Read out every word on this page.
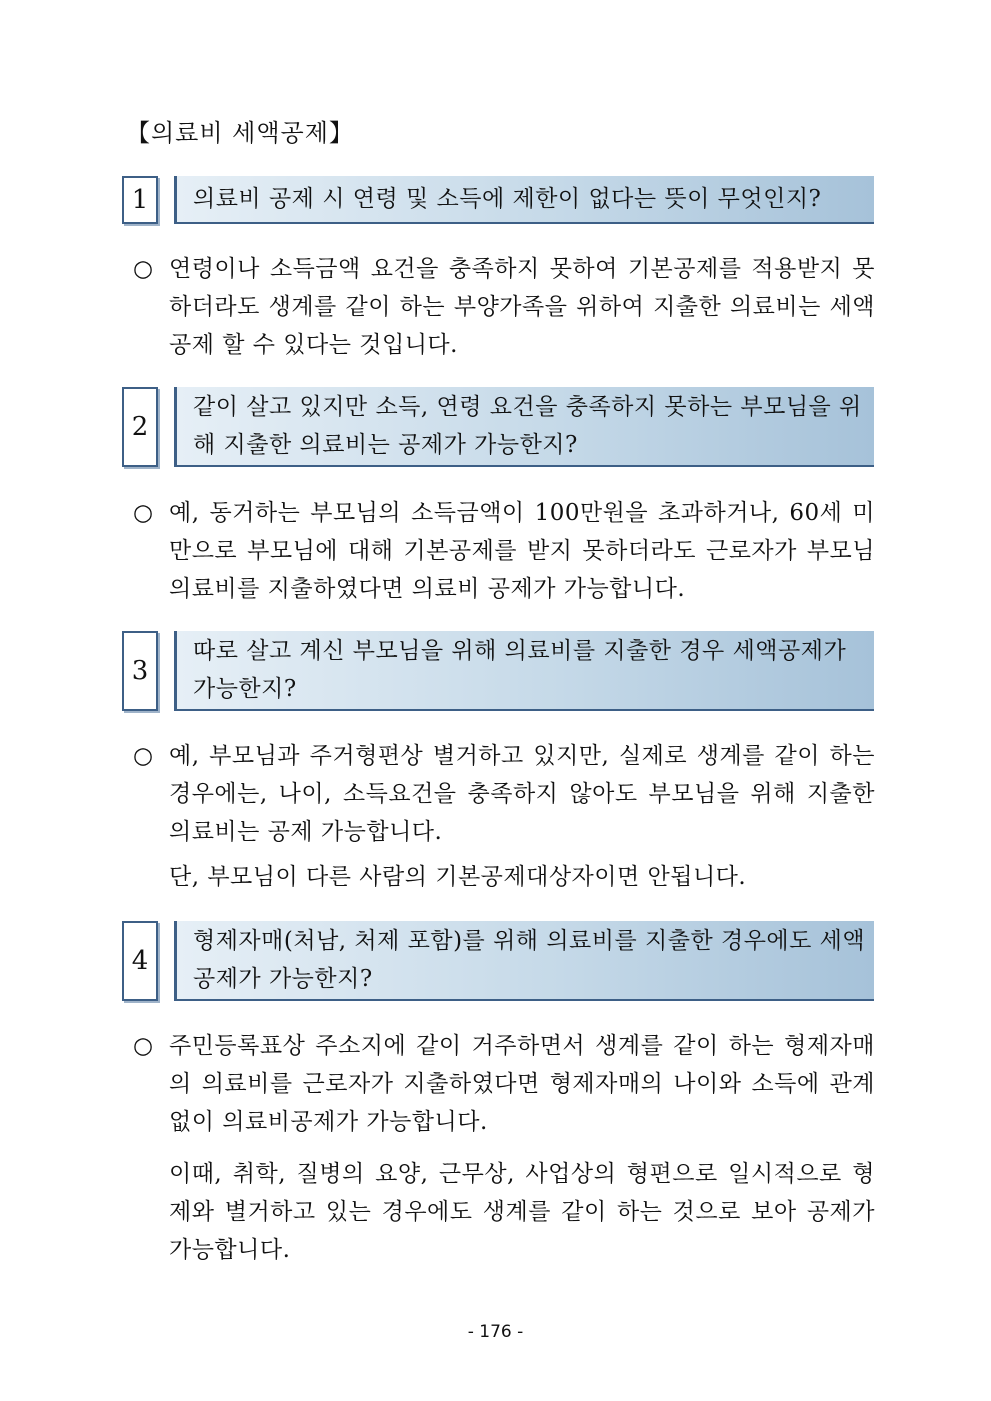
【의료비 세액공제】
1	의료비 공제 시 연령 및 소득에 제한이 없다는 뜻이 무엇인지?
○ 연령이나 소득금액 요건을 충족하지 못하여 기본공제를 적용받지 못하더라도 생계를 같이 하는 부양가족을 위하여 지출한 의료비는 세액공제 할 수 있다는 것입니다.
2
같이 살고 있지만 소득, 연령 요건을 충족하지 못하는 부모님을 위해 지출한 의료비는 공제가 가능한지?
○ 예, 동거하는 부모님의 소득금액이 100만원을 초과하거나, 60세 미만으로 부모님에 대해 기본공제를 받지 못하더라도 근로자가 부모님 의료비를 지출하였다면 의료비 공제가 가능합니다.
3
따로 살고 계신 부모님을 위해 의료비를 지출한 경우 세액공제가 가능한지?
○ 예, 부모님과 주거형편상 별거하고 있지만, 실제로 생계를 같이 하는 경우에는, 나이, 소득요건을 충족하지 않아도 부모님을 위해 지출한 의료비는 공제 가능합니다.
단, 부모님이 다른 사람의 기본공제대상자이면 안됩니다.
4
형제자매(처남, 처제 포함)를 위해 의료비를 지출한 경우에도 세액공제가 가능한지?
○ 주민등록표상 주소지에 같이 거주하면서 생계를 같이 하는 형제자매의 의료비를 근로자가 지출하였다면 형제자매의 나이와 소득에 관계없이 의료비공제가 가능합니다.
이때, 취학, 질병의 요양, 근무상, 사업상의 형편으로 일시적으로 형제와 별거하고 있는 경우에도 생계를 같이 하는 것으로 보아 공제가 가능합니다.
- 176 -
